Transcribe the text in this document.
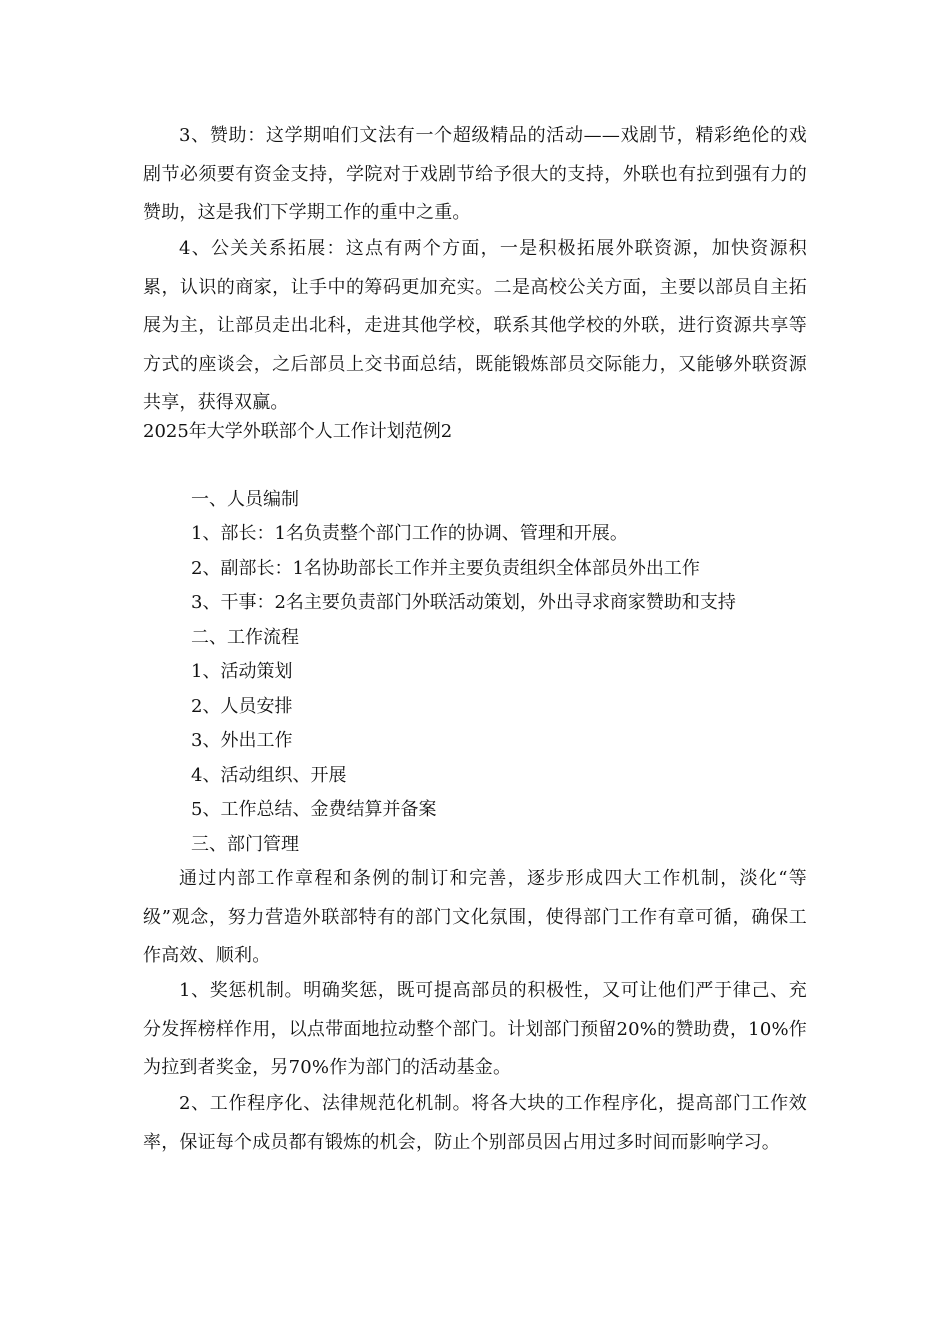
3、赞助：这学期咱们文法有一个超级精品的活动——戏剧节，精彩绝伦的戏剧节必须要有资金支持，学院对于戏剧节给予很大的支持，外联也有拉到强有力的赞助，这是我们下学期工作的重中之重。

4、公关关系拓展：这点有两个方面，一是积极拓展外联资源，加快资源积累，认识的商家，让手中的筹码更加充实。二是高校公关方面，主要以部员自主拓展为主，让部员走出北科，走进其他学校，联系其他学校的外联，进行资源共享等方式的座谈会，之后部员上交书面总结，既能锻炼部员交际能力，又能够外联资源共享，获得双赢。

2025年大学外联部个人工作计划范例2

一、人员编制

1、部长：1名负责整个部门工作的协调、管理和开展。

2、副部长：1名协助部长工作并主要负责组织全体部员外出工作

3、干事：2名主要负责部门外联活动策划，外出寻求商家赞助和支持

二、工作流程

1、活动策划

2、人员安排

3、外出工作

4、活动组织、开展

5、工作总结、金费结算并备案

三、部门管理

通过内部工作章程和条例的制订和完善，逐步形成四大工作机制，淡化“等级”观念，努力营造外联部特有的部门文化氛围，使得部门工作有章可循，确保工作高效、顺利。

1、奖惩机制。明确奖惩，既可提高部员的积极性，又可让他们严于律己、充分发挥榜样作用，以点带面地拉动整个部门。计划部门预留20%的赞助费，10%作为拉到者奖金，另70%作为部门的活动基金。

2、工作程序化、法律规范化机制。将各大块的工作程序化，提高部门工作效率，保证每个成员都有锻炼的机会，防止个别部员因占用过多时间而影响学习。
